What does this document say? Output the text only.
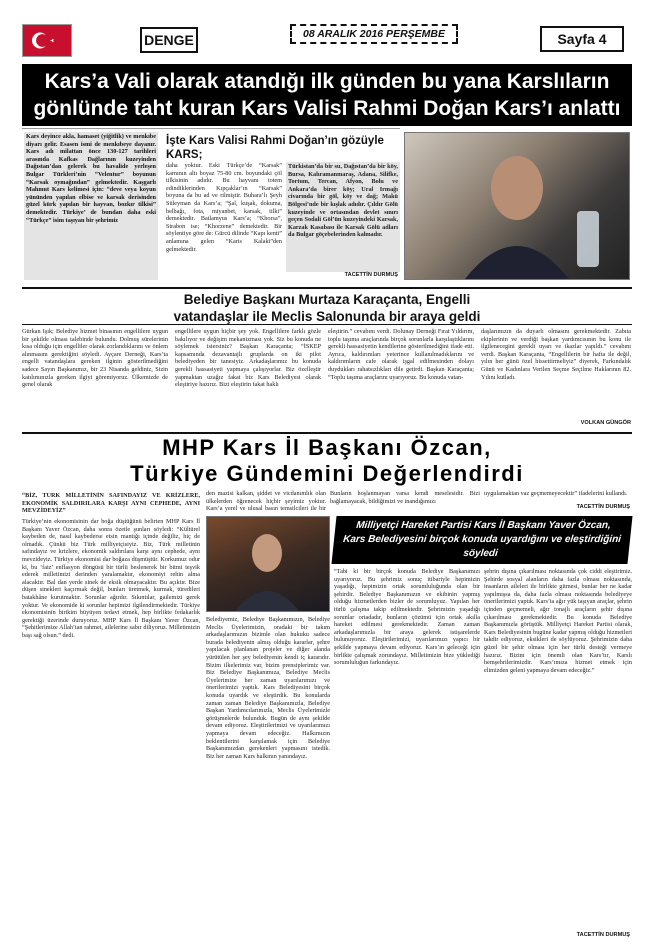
DENGE	08 ARALIK 2016 PERŞEMBE	Sayfa 4
Kars’a Vali olarak atandığı ilk günden bu yana Karslıların
gönlünde taht kuran Kars Valisi Rahmi Doğan Kars’ı anlattı
Kars deyince akla, hamaset (yiğitlik) ve menkıbe diyarı gelir. Esasen ismi de menkıbeye dayanır. Kars adı milattan önce 130-127 tarihleri arasında Kafkas Dağlarının kuzeyinden Dağıstan’dan gelerek bu havalide yerleşen Bulgar Türkleri’nin “Velentur” boyunun “Karsak oymağından” gelmektedir. Kaşgarlı Mahmut Kars kelimesi için: “deve veya koyun yününden yapılan elbise ve karsak derisinden güzel kürk yapılan bir hayvan, bozkır tilkisi” demektedir. Türkiye’ de bundan daha eski “Türkçe” isim taşıyan bir şehrimiz
İşte Kars Valisi Rahmi Doğan’ın gözüyle KARS;
daha yoktur. Eski Türkçe’de “Karsak” karnının altı boyaz 75-80 cm. boyundaki çöl tilkisinin adıdır. Bu hayvanı totem edindiklerinden Kıpçaklar’ın “Karsak” boyuna da bu ad ve rilmiştir. Buhara’lı Şeyh Süleyman da Kars’a; “Şal, kuşak, dokuma, belbağı, fota, miyanbet, karsak, tilki” demektedir. Batlamyus Kars’a; “Khorsa”, Strabon ise; “Khorzene” demektedir. Bir söylentiye göre de: Gürcü dilinde “Kapı kenti” anlamına gelen “Karis Kalaki”den gelmektedir.
Türkistan’da bir su, Dağıstan’da bir köy, Bursa, Kahramanmaraş, Adana, Silifke, Tortum, Tercan, Afyon, Bolu ve Ankara’da birer köy; Ural Irmağı civarında bir göl, köy ve dağ; Makü Bölgesi’nde bir kışlak adıdır. Çıldır Gölü kuzeyinde ve ortasından devlet sınırı geçen Sodali Göl’ün kuzeyindeki Karsak, Karzak Kasabası ile Karsak Gölü adları da Bulgar göçebelerinden kalmadır.
TACETTİN DURMUŞ
Belediye Başkanı Murtaza Karaçanta, Engelli
vatandaşlar ile Meclis Salonunda bir araya geldi
Gürkan Işık; Belediye hizmet binasının engellilere uygun bir şekilde olması talebinde bulundu. Dolmuş sürelerinin kısa olduğu için engelliler olarak zorlandıklarını ve önlem alınmasını gerektiğini söyledi. Ayçare Derneği, Kars’ta engelli vatandaşlara gereken ilginin gösterilmediğini sadece Sayın Başkanımız, bir 23 Nisanda geldiniz, Sizin katılımınızla gereken ilgiyi göremiyoruz. Ülkemizde de genel olarak
engellilere uygun hiçbir şey yok. Engellilere farklı gözle bakılıyor ve değişim mekanizması yok. Siz bu konuda ne söylemek istersiniz? Başkan Karaçanta; “İSKEP kapsamında dezavantajlı gruplarda on iki pilot belediyeden bir tanesiyiz. Arkadaşlarımız bu konuda gerekli hassasiyeti yapmaya çalışıyorlar. Biz özelleştir yapmaktan uzağız fakat biz Kars Belediyesi olarak eleştiriye hazırız. Bizi eleştirin fakat haklı
eleştirin.” cevabını verdi. Dolunay Derneği Fırat Yıldırım, toplu taşıma araçlarında birçok sorunlarla karşılaştıklarını gerekli hassasiyetin kendilerine gösterilmediğini ifade etti. Ayrıca, kaldırımları yeterince kullanılmadıklarını ve kaldırımların cafe olarak işgal edilmesinden dolayı duydukları rahatsızlıkları dile getirdi. Başkan Karaçanta; “Toplu taşıma araçlarını uyarıyoruz. Bu konuda vatan-
daşlarımızın da duyarlı olmasını gerekmektedir. Zabıta ekiplerinin ve verdiği başkan yardımcısının bu konu ile ilgilenecegini gerekli uyarı ve ikazlar yapıldı.” cevabını verdi. Başkan Karaçanta, “Engellilerin bir hafta ile değil, yılın her günü özel hissettirmeliyiz” diyerek, Farkındalık Günü ve Kadınlara Verilen Seçme Seçilme Haklarının 82. Yılını kutladı.
VOLKAN GÜNGÖR
MHP Kars İl Başkanı Özcan,
Türkiye Gündemini Değerlendirdi
“BİZ, TÜRK MİLLETİNİN SAFINDAYIZ VE KRİZLERE, EKONOMİK SALDIRILARA KARŞI AYNI CEPHEDE, AYNI MEVZİDEYİZ”
Türkiye’nin ekonomisinin dar boğa düştüğünü belirten MHP Kars İl Başkanı Yaver Özcan, daha sonra özetle şunları söyledi: “Kültürel kaybeden de, nasıl kaybederse etsin mantığı içinde değiliz, hiç de olmadık. Çünkü biz Türk milliyetçisiyiz. Biz, Türk milletinin safındayız ve krizlere, ekonomik saldırılara karşı aynı cephede, aynı mevzideyiz. Türkiye ekonomisi dar boğaza düşmüştür. Korkumuz odur ki, bu ‘faiz’ enflasyon döngüsü bir türlü beslenerek bir bitmi teşvik ederek milletimizi derinden yaralamaktır, ekonomiyi rehin alma alacaktır. Bal dan yerde sinek de eksik olmayacaktır. Bu açıktır. Bize düşen sinekleri kaçırmak değil, bunları üretmek, kurmak, türedileri batakhâne kurutmaktır. Sorunlar ağırdır. Sıkıntılar, gailemizi gerek yoktur. Ve ekonomide ki sorunlar hepimizi ilgilendirmektedir. Türkiye ekonomisinin birikim büyüyen tedavi etmek, hep birlikte fedakarlık gerektiği üzerinde duruyoruz. MHP Kars İl Başkanı Yaver Özcan, “Şehitlerimize Allah’tan rahmet, ailelerine sabır diliyoruz. Milletimizin başı sağ olsun.” dedi.
den mazisi kalkan, şiddet ve vicdanımlık olan ülkelerden öğrenecek hiçbir şeyimiz yoktur. Kars’a yerel ve ulusal basın temsilcileri ile bir
Bunların hoşlanmayan varsa kendi meselesidir. Bizi bağlamayacak, bildiğimizi ve inandığımızı
uygulamaktan vaz geçmemeyecektir” ifadelerini kullandı.
TACETTİN DURMUŞ
Milliyetçi Hareket Partisi Kars İl Başkanı Yaver Özcan,
Kars Belediyesini birçok konuda uyardığını ve eleştirdiğini söyledi
Belediyemiz, Belediye Başkanımızın, Belediye Meclis Üyelerimizin, oradaki bir takım arkadaşlarımızın bizimle olan hukuku sadece burada belediyenin almış olduğu kararlar, şehre yapılacak planlanan projeler ve diğer alanda yürütülen her şey belediyenin kendi iç kararıdır. Bizim ilkelerimiz var, bizim prensiplerimiz var. Biz Belediye Başkanımıza, Belediye Meclis Üyelerimize her zaman uyarılarımızı ve önerilerimizi yaptık. Kars Belediyesini birçok konuda uyardık ve eleştirdik. Bu konularda zaman zaman Belediye Başkanımızla, Belediye Başkan Yardımcılarımızla, Meclis Üyelerimizle görüşmelerde bulunduk. Bugün de aynı şekilde devam ediyoruz. Eleştirilerimizi ve uyarılarımızı yapmaya devam edeceğiz. Halkımızın beklentilerini karşılamak için Belediye Başkanımızdan gerekenleri yapmasını istedik. Biz her zaman Kars halkının yanındayız.
“Tabi ki bir birçok konuda Belediye Başkanımızı uyarıyoruz. Bu şehrimiz sonuç itibariyle hepimizin yaşadığı, hepimizin ortak sorumluluğunda olan bir şehirdir. Belediye Başkanımızın ve ekibinin yapmış olduğu hizmetlerden bizler de sorumluyuz. Yapılan her türlü çalışma takip edilmektedir. Şehrimizin yaşadığı sorunlar ortadadır, bunların çözümü için ortak akılla hareket edilmesi gerekmektedir. Zaman zaman arkadaşlarımızla bir araya gelerek istişarelerde bulunuyoruz. Eleştirilerimizi, uyarılarımızı yapıcı bir şekilde yapmaya devam ediyoruz. Kars’ın geleceği için birlikte çalışmak zorundayız. Milletimizin bize yüklediği sorumluluğun farkındayız.
şehrin dışına çıkarılması noktasında çok ciddi eleştirimiz. Şehirde sosyal alanların daha fazla olması noktasında, insanların aileleri ile birlikte gitmesi, bunlar her ne kadar yapılmışsa da, daha fazla olması noktasında belediyeye önerilerimizi yaptık. Kars’ta ağır yük taşıyan araçlar, şehrin içinden geçmemeli, ağır tonajlı araçların şehir dışına çıkarılması gerekmektedir. Bu konuda Belediye Başkanımızla görüştük. Milliyetçi Hareket Partisi olarak, Kars Belediyesinin bugüne kadar yapmış olduğu hizmetleri takdir ediyoruz, eksikleri de söylüyoruz. Şehrimizin daha güzel bir şehir olması için her türlü desteği vermeye hazırız. Bizim için önemli olan Kars’tır, Karslı hemşehrilerimizdir. Kars’ımıza hizmet etmek için elimizden geleni yapmaya devam edeceğiz.”
TACETTİN DURMUŞ
